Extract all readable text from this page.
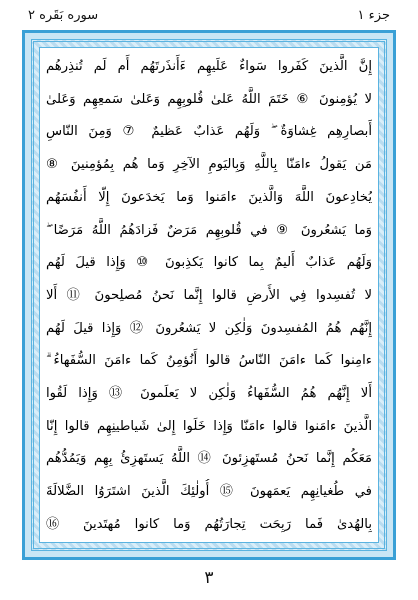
جزء ١
سوره بَقَره ٢
إِنَّ الَّذينَ كَفَروا سَواءٌ عَلَيهِم ءَأَنذَرتَهُم أَم لَم تُنذِرهُم
لا يُؤمِنونَ ⑥ خَتَمَ اللَّهُ عَلىٰ قُلوبِهِم وَعَلىٰ سَمعِهِم وَعَلىٰ
أَبصارِهِم غِشاوَةٌ ۖ وَلَهُم عَذابٌ عَظيمٌ ⑦ وَمِنَ النّاسِ
مَن يَقولُ ءامَنّا بِاللَّهِ وَبِاليَومِ الآخِرِ وَما هُم بِمُؤمِنينَ ⑧
يُخادِعونَ اللَّهَ وَالَّذينَ ءامَنوا وَما يَخدَعونَ إِلّا أَنفُسَهُم
وَما يَشعُرونَ ⑨ في قُلوبِهِم مَرَضٌ فَزادَهُمُ اللَّهُ مَرَضًا ۖ
وَلَهُم عَذابٌ أَليمٌ بِما كانوا يَكذِبونَ ⑩ وَإِذا قيلَ لَهُم
لا تُفسِدوا فِي الأَرضِ قالوا إِنَّما نَحنُ مُصلِحونَ ⑪ أَلا
إِنَّهُم هُمُ المُفسِدونَ وَلٰكِن لا يَشعُرونَ ⑫ وَإِذا قيلَ لَهُم
ءامِنوا كَما ءامَنَ النّاسُ قالوا أَنُؤمِنُ كَما ءامَنَ السُّفَهاءُ ۗ
أَلا إِنَّهُم هُمُ السُّفَهاءُ وَلٰكِن لا يَعلَمونَ ⑬ وَإِذا لَقُوا
الَّذينَ ءامَنوا قالوا ءامَنّا وَإِذا خَلَوا إِلىٰ شَياطينِهِم قالوا إِنّا
مَعَكُم إِنَّما نَحنُ مُستَهزِئونَ ⑭ اللَّهُ يَستَهزِئُ بِهِم وَيَمُدُّهُم
في طُغيانِهِم يَعمَهونَ ⑮ أُولٰئِكَ الَّذينَ اشتَرَوُا الضَّلالَةَ
بِالهُدىٰ فَما رَبِحَت تِجارَتُهُم وَما كانوا مُهتَدينَ ⑯
٣
